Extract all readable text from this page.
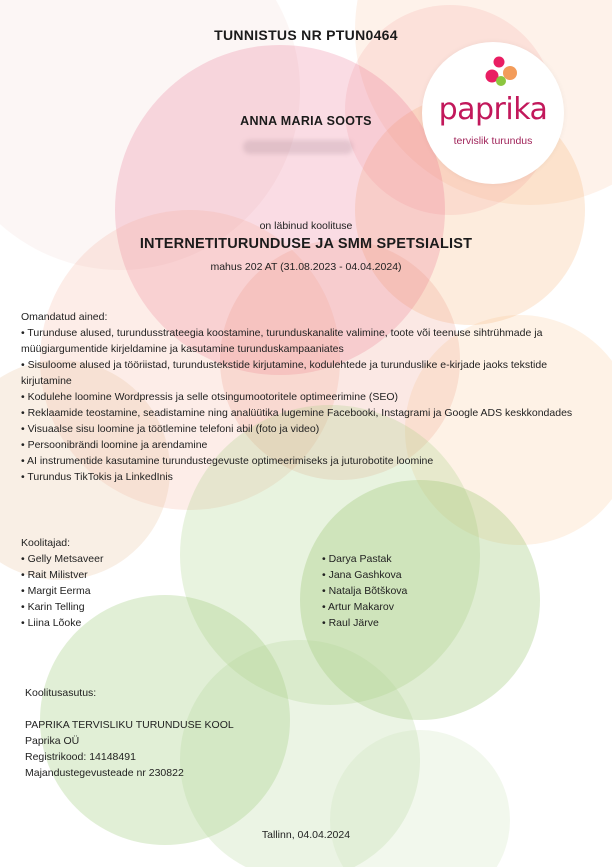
TUNNISTUS NR PTUN0464
paprika
tervislik turundus
ANNA MARIA SOOTS
on läbinud koolituse
INTERNETITURUNDUSE JA SMM SPETSIALIST
mahus 202 AT (31.08.2023 - 04.04.2024)
Omandatud ained:
• Turunduse alused, turundusstrateegia koostamine, turunduskanalite valimine, toote või teenuse sihtrühmade ja müügiargumentide kirjeldamine ja kasutamine turunduskampaaniates
• Sisuloome alused ja tööriistad, turundustekstide kirjutamine, kodulehtede ja turunduslike e-kirjade jaoks tekstide kirjutamine
• Kodulehe loomine Wordpressis ja selle otsingumootoritele optimeerimine (SEO)
• Reklaamide teostamine, seadistamine ning analüütika lugemine Facebooki, Instagrami ja Google ADS keskkondades
• Visuaalse sisu loomine ja töötlemine telefoni abil (foto ja video)
• Persoonibrändi loomine ja arendamine
• AI instrumentide kasutamine turundustegevuste optimeerimiseks ja juturobotite loomine
• Turundus TikTokis ja LinkedInis
Koolitajad:
• Gelly Metsaveer
• Rait Milistver
• Margit Eerma
• Karin Telling
• Liina Lõoke
• Darya Pastak
• Jana Gashkova
• Natalja Bõtškova
• Artur Makarov
• Raul Järve
Koolitusasutus:
PAPRIKA TERVISLIKU TURUNDUSE KOOL
Paprika OÜ
Registrikood: 14148491
Majandustegevusteade nr 230822
Tallinn, 04.04.2024
